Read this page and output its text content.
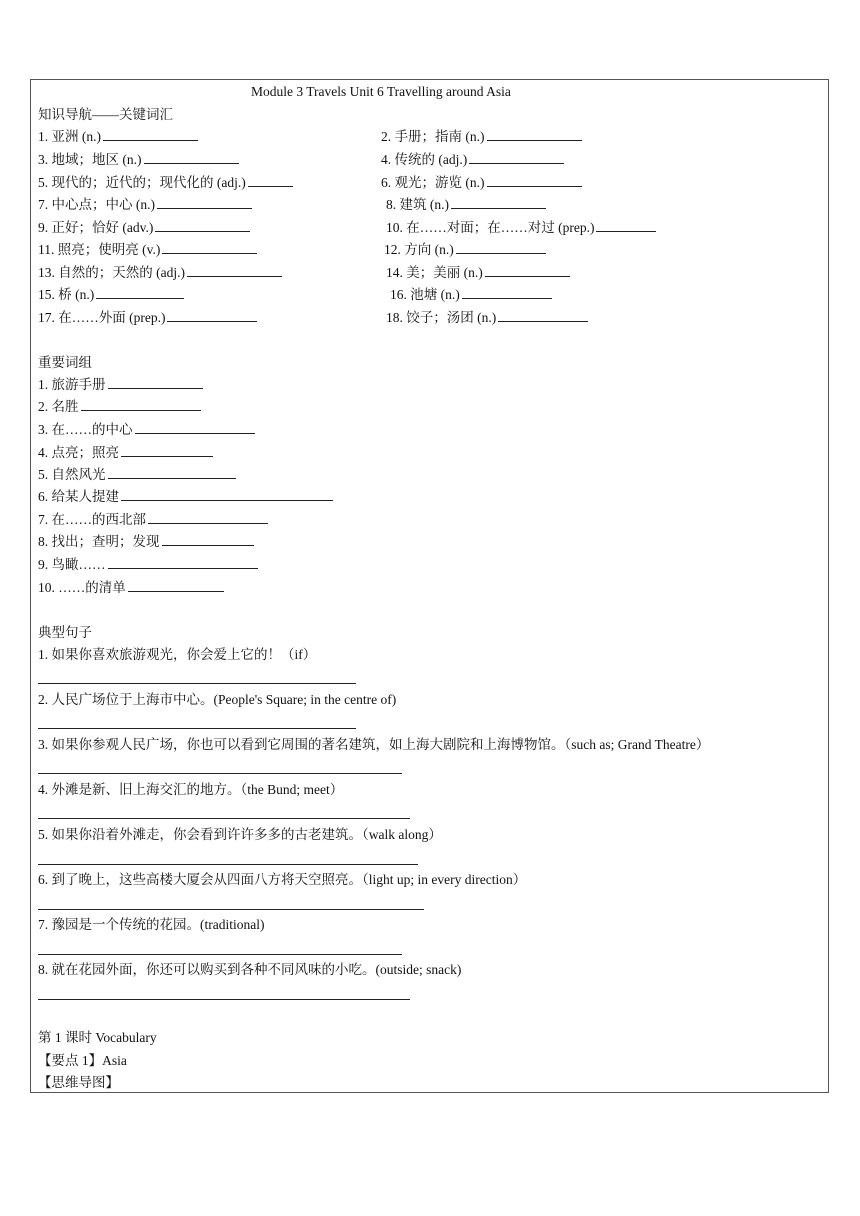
Module 3 Travels Unit 6 Travelling around Asia
知识导航——关键词汇
1. 亚洲 (n.)	2. 手册；指南 (n.)
3. 地域；地区 (n.)	4. 传统的 (adj.)
5. 现代的；近代的；现代化的 (adj.)	6. 观光；游览 (n.)
7. 中心点；中心 (n.)	8. 建筑 (n.)
9. 正好；恰好 (adv.)	10. 在……对面；在……对过 (prep.)
11. 照亮；使明亮 (v.)	12. 方向 (n.)
13. 自然的；天然的 (adj.)	14. 美；美丽 (n.)
15. 桥 (n.)	16. 池塘 (n.)
17. 在……外面 (prep.)	18. 饺子；汤团 (n.)
重要词组
1. 旅游手册
2. 名胜
3. 在……的中心
4. 点亮；照亮
5. 自然风光
6. 给某人提建
7. 在……的西北部
8. 找出；查明；发现
9. 鸟瞰……
10. ……的清单
典型句子
1. 如果你喜欢旅游观光，你会爱上它的！（if）
2. 人民广场位于上海市中心。(People's Square; in the centre of)
3. 如果你参观人民广场，你也可以看到它周围的著名建筑，如上海大剧院和上海博物馆。（such as; Grand Theatre）
4. 外滩是新、旧上海交汇的地方。（the Bund; meet）
5. 如果你沿着外滩走，你会看到许许多多的古老建筑。（walk along）
6. 到了晚上，这些高楼大厦会从四面八方将天空照亮。（light up; in every direction）
7. 豫园是一个传统的花园。(traditional)
8. 就在花园外面，你还可以购买到各种不同风味的小吃。(outside; snack)
第 1 课时 Vocabulary
【要点 1】Asia
【思维导图】
